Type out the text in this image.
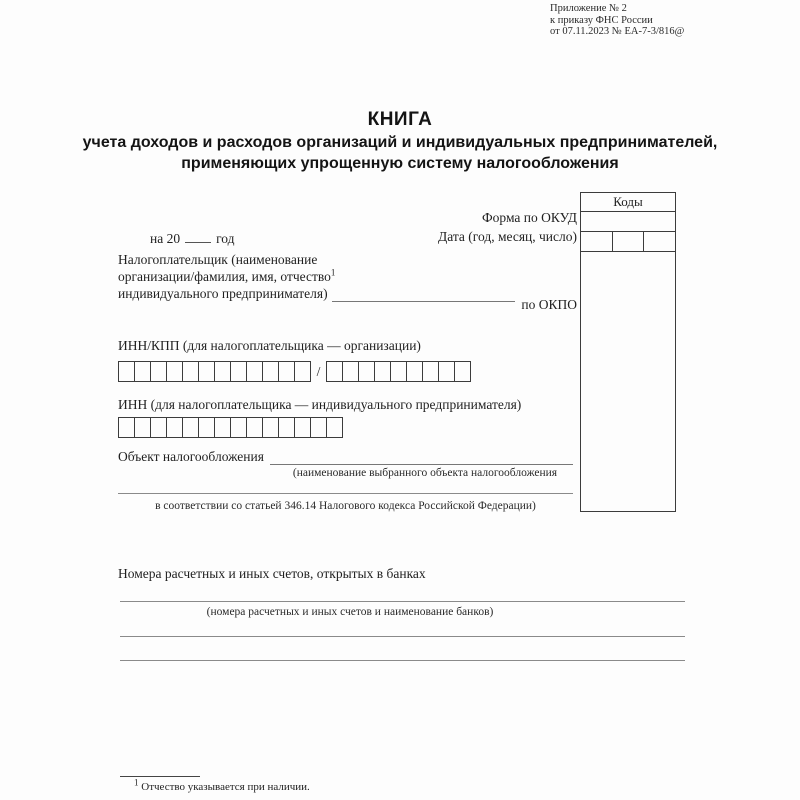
Приложение № 2
к приказу ФНС России
от 07.11.2023 № ЕА-7-3/816@
КНИГА
учета доходов и расходов организаций и индивидуальных предпринимателей,
применяющих упрощенную систему налогообложения
Коды
Форма по ОКУД
Дата (год, месяц, число)
на 20	год
Налогоплательщик (наименование
организации/фамилия, имя, отчество$^1$
индивидуального предпринимателя)
по ОКПО
ИНН/КПП (для налогоплательщика — организации)
/
ИНН (для налогоплательщика — индивидуального предпринимателя)
Объект налогообложения
(наименование выбранного объекта налогообложения
в соответствии со статьей 346.14 Налогового кодекса Российской Федерации)
Номера расчетных и иных счетов, открытых в банках
(номера расчетных и иных счетов и наименование банков)
$^1$ Отчество указывается при наличии.
